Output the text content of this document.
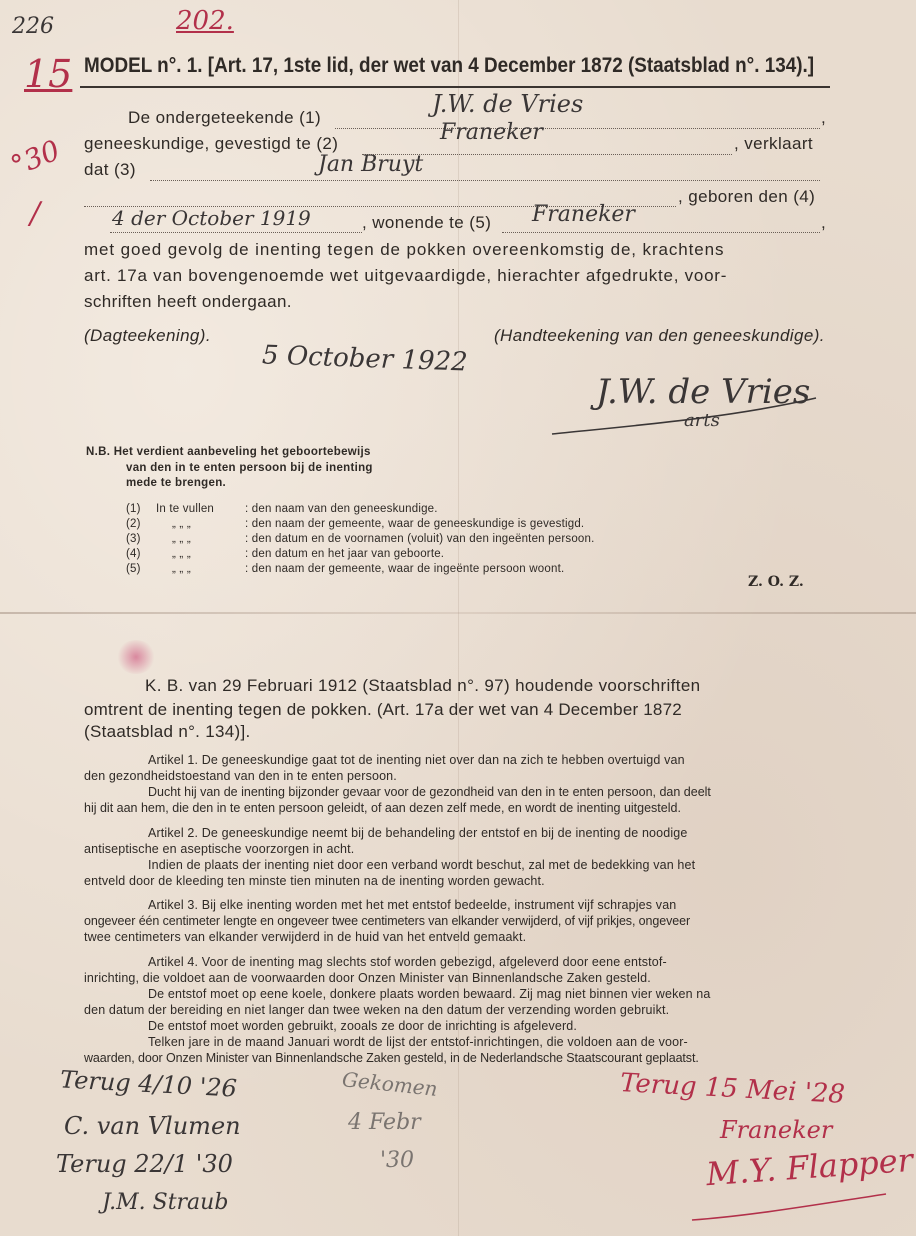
226	202.
15
°30
/
MODEL n°. 1. [Art. 17, 1ste lid, der wet van 4 December 1872 (Staatsblad n°. 134).]
De ondergeteekende (1)	,
J.W. de Vries
geneeskundige, gevestigd te (2)	, verklaart
Franeker
dat (3)	Jan Bruyt
, geboren den (4)
4 der October 1919	, wonende te (5)	,
Franeker
met goed gevolg de inenting tegen de pokken overeenkomstig de, krachtens
art. 17a van bovengenoemde wet uitgevaardigde, hierachter afgedrukte, voor-
schriften heeft ondergaan.
(Dagteekening).	(Handteekening van den geneeskundige).
5 October 1922
J.W. de Vries
arts
N.B. Het verdient aanbeveling het geboortebewijs
van den in te enten persoon bij de inenting
mede te brengen.
(1) In te vullen	: den naam van den geneeskundige.
(2)	„ „ „	: den naam der gemeente, waar de geneeskundige is gevestigd.
(3)	„ „ „	: den datum en de voornamen (voluit) van den ingeënten persoon.
(4)	„ „ „	: den datum en het jaar van geboorte.
(5)	„ „ „	: den naam der gemeente, waar de ingeënte persoon woont.
Z. O. Z.
K. B. van 29 Februari 1912 (Staatsblad n°. 97) houdende voorschriften
omtrent de inenting tegen de pokken. (Art. 17a der wet van 4 December 1872
(Staatsblad n°. 134)].
Artikel 1. De geneeskundige gaat tot de inenting niet over dan na zich te hebben overtuigd van
den gezondheidstoestand van den in te enten persoon.
Ducht hij van de inenting bijzonder gevaar voor de gezondheid van den in te enten persoon, dan deelt
hij dit aan hem, die den in te enten persoon geleidt, of aan dezen zelf mede, en wordt de inenting uitgesteld.
Artikel 2. De geneeskundige neemt bij de behandeling der entstof en bij de inenting de noodige
antiseptische en aseptische voorzorgen in acht.
Indien de plaats der inenting niet door een verband wordt beschut, zal met de bedekking van het
entveld door de kleeding ten minste tien minuten na de inenting worden gewacht.
Artikel 3. Bij elke inenting worden met het met entstof bedeelde, instrument vijf schrapjes van
ongeveer één centimeter lengte en ongeveer twee centimeters van elkander verwijderd, of vijf prikjes, ongeveer
twee centimeters van elkander verwijderd in de huid van het entveld gemaakt.
Artikel 4. Voor de inenting mag slechts stof worden gebezigd, afgeleverd door eene entstof-
inrichting, die voldoet aan de voorwaarden door Onzen Minister van Binnenlandsche Zaken gesteld.
De entstof moet op eene koele, donkere plaats worden bewaard. Zij mag niet binnen vier weken na
den datum der bereiding en niet langer dan twee weken na den datum der verzending worden gebruikt.
De entstof moet worden gebruikt, zooals ze door de inrichting is afgeleverd.
Telken jare in de maand Januari wordt de lijst der entstof-inrichtingen, die voldoen aan de voor-
waarden, door Onzen Minister van Binnenlandsche Zaken gesteld, in de Nederlandsche Staatscourant geplaatst.
Terug 4/10 '26
C. van Vlumen
Terug 22/1 '30
J.M. Straub
Gekomen
4 Febr
'30
Terug 15 Mei '28
Franeker
M.Y. Flapper
